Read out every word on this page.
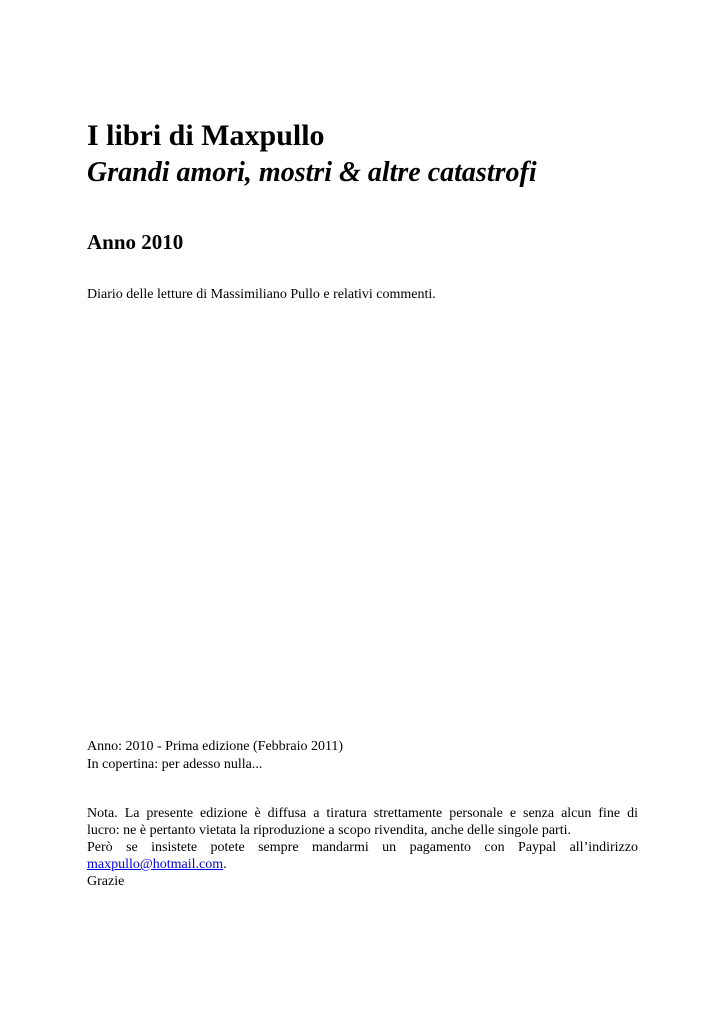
I libri di Maxpullo
Grandi amori, mostri & altre catastrofi
Anno 2010

Diario delle letture di Massimiliano Pullo e relativi commenti.

Anno: 2010 - Prima edizione (Febbraio 2011)
In copertina: per adesso nulla...
Nota. La presente edizione è diffusa a tiratura strettamente personale e senza alcun fine di
lucro: ne è pertanto vietata la riproduzione a scopo rivendita, anche delle singole parti.
Però se insistete potete sempre mandarmi un pagamento con Paypal all’indirizzo
maxpullo@hotmail.com.
Grazie
